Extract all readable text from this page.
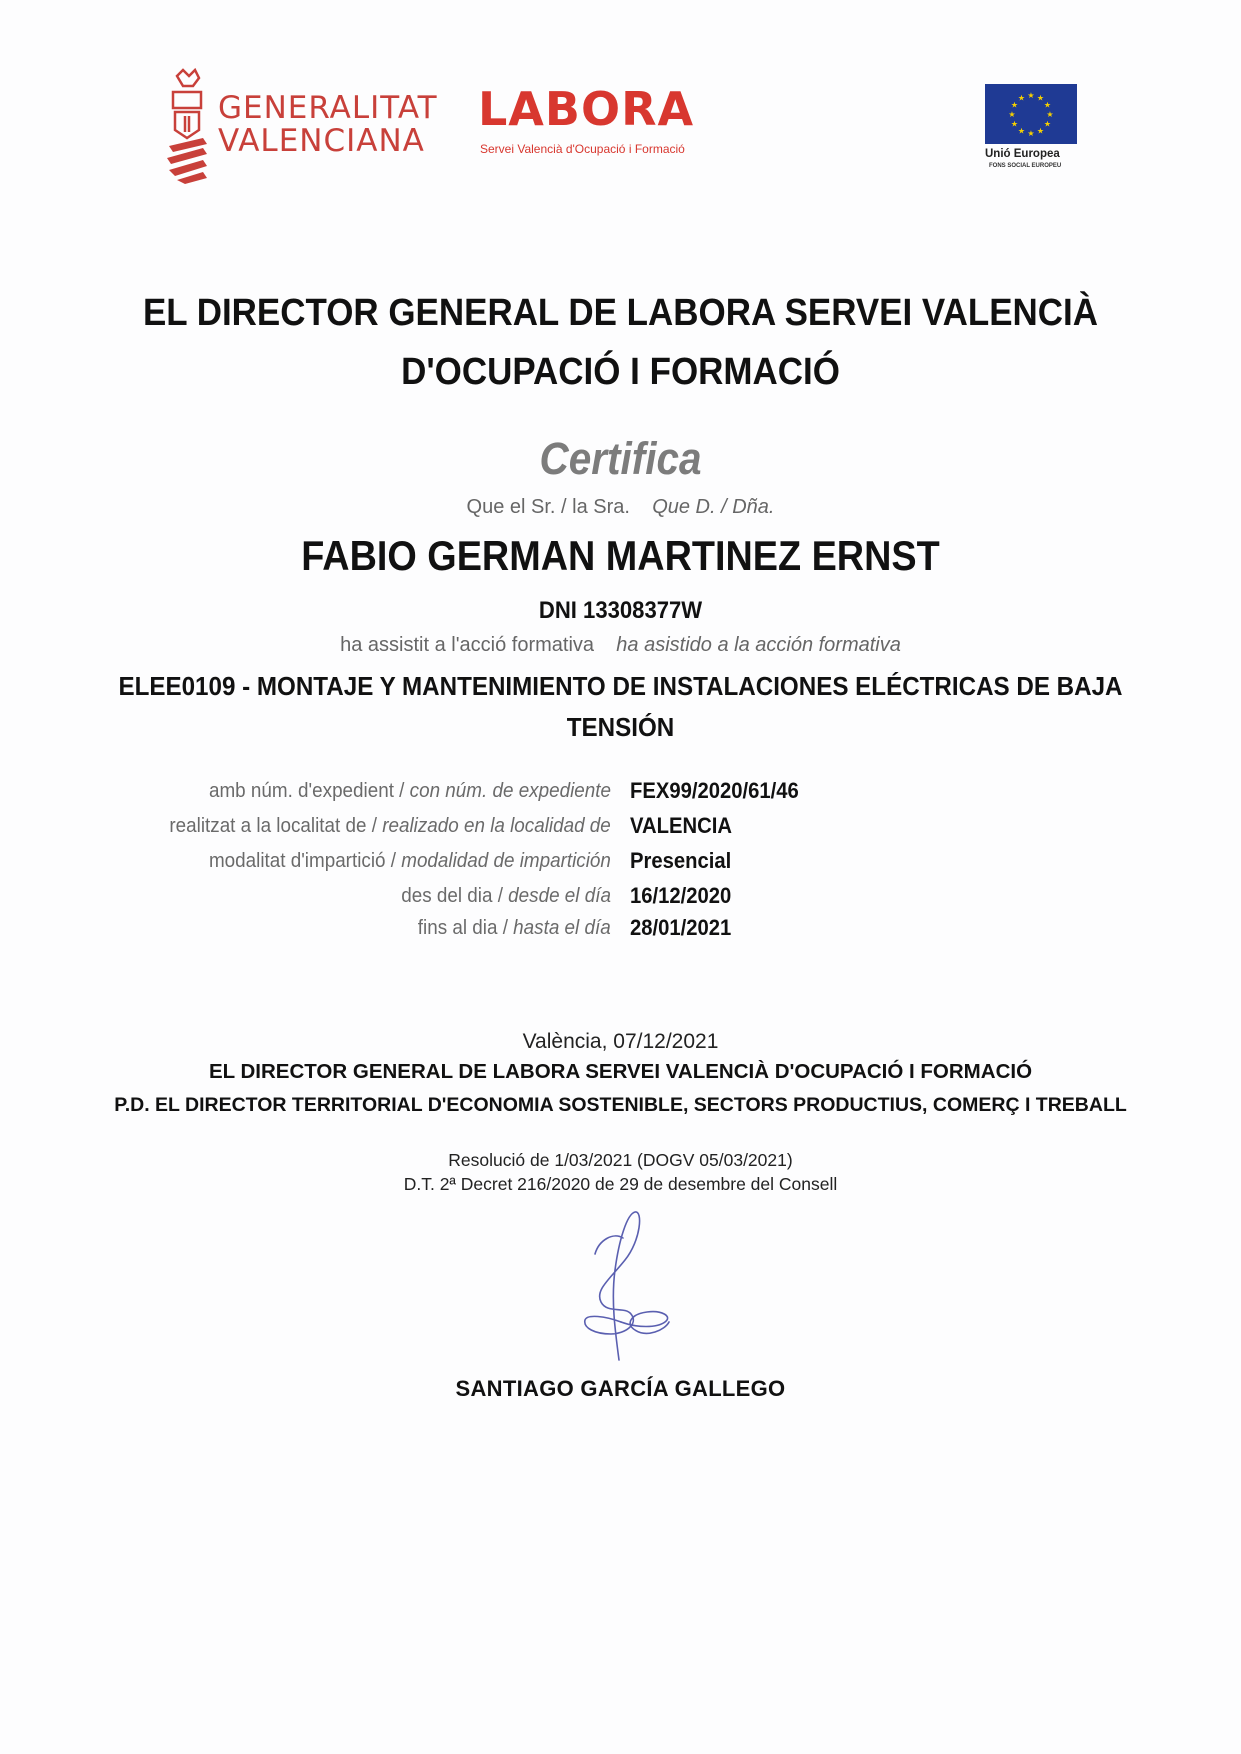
GENERALITAT
VALENCIANA
LABORA
Servei Valencià d'Ocupació i Formació
★ ★
★
★
★
★
★
★
★
★
★
★
Unió Europea
FONS SOCIAL EUROPEU
EL DIRECTOR GENERAL DE LABORA SERVEI VALENCIÀ
D'OCUPACIÓ I FORMACIÓ
Certifica
Que el Sr. / la Sra. Que D. / Dña.
FABIO GERMAN MARTINEZ ERNST
DNI 13308377W
ha assistit a l'acció formativa ha asistido a la acción formativa
ELEE0109 - MONTAJE Y MANTENIMIENTO DE INSTALACIONES ELÉCTRICAS DE BAJA
TENSIÓN
amb núm. d'expedient / con núm. de expediente FEX99/2020/61/46
realitzat a la localitat de / realizado en la localidad de VALENCIA
modalitat d'impartició / modalidad de impartición Presencial
des del dia / desde el día 16/12/2020
fins al dia / hasta el día 28/01/2021
València, 07/12/2021
EL DIRECTOR GENERAL DE LABORA SERVEI VALENCIÀ D'OCUPACIÓ I FORMACIÓ
P.D. EL DIRECTOR TERRITORIAL D'ECONOMIA SOSTENIBLE, SECTORS PRODUCTIUS, COMERÇ I TREBALL
Resolució de 1/03/2021 (DOGV 05/03/2021)
D.T. 2ª Decret 216/2020 de 29 de desembre del Consell
SANTIAGO GARCÍA GALLEGO
